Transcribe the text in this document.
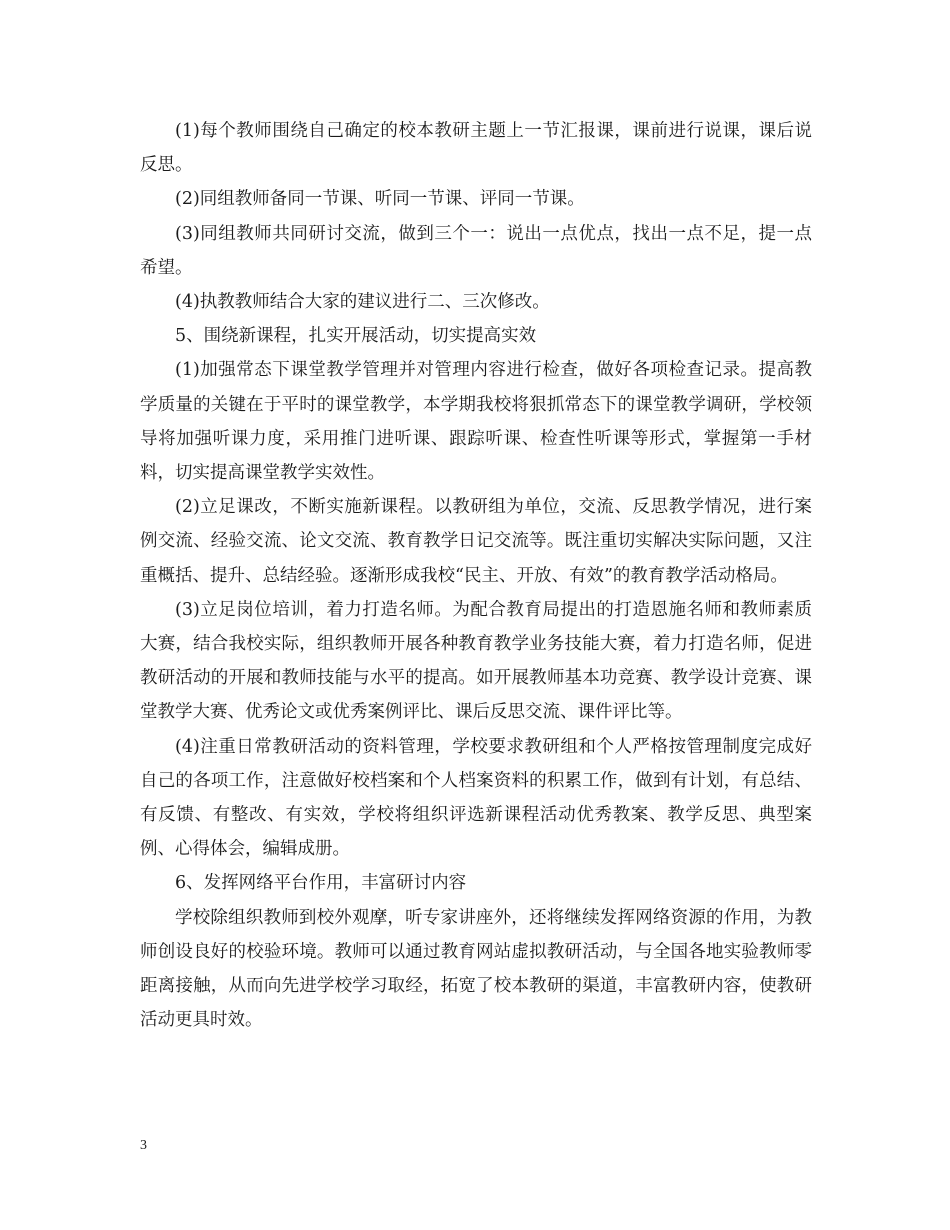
(1)每个教师围绕自己确定的校本教研主题上一节汇报课，课前进行说课，课后说反思。

(2)同组教师备同一节课、听同一节课、评同一节课。

(3)同组教师共同研讨交流，做到三个一：说出一点优点，找出一点不足，提一点希望。

(4)执教教师结合大家的建议进行二、三次修改。

5、围绕新课程，扎实开展活动，切实提高实效

(1)加强常态下课堂教学管理并对管理内容进行检查，做好各项检查记录。提高教学质量的关键在于平时的课堂教学，本学期我校将狠抓常态下的课堂教学调研，学校领导将加强听课力度，采用推门进听课、跟踪听课、检查性听课等形式，掌握第一手材料，切实提高课堂教学实效性。

(2)立足课改，不断实施新课程。以教研组为单位，交流、反思教学情况，进行案例交流、经验交流、论文交流、教育教学日记交流等。既注重切实解决实际问题，又注重概括、提升、总结经验。逐渐形成我校“民主、开放、有效”的教育教学活动格局。

(3)立足岗位培训，着力打造名师。为配合教育局提出的打造恩施名师和教师素质大赛，结合我校实际，组织教师开展各种教育教学业务技能大赛，着力打造名师，促进教研活动的开展和教师技能与水平的提高。如开展教师基本功竞赛、教学设计竞赛、课堂教学大赛、优秀论文或优秀案例评比、课后反思交流、课件评比等。

(4)注重日常教研活动的资料管理，学校要求教研组和个人严格按管理制度完成好自己的各项工作，注意做好校档案和个人档案资料的积累工作，做到有计划，有总结、有反馈、有整改、有实效，学校将组织评选新课程活动优秀教案、教学反思、典型案例、心得体会，编辑成册。

6、发挥网络平台作用，丰富研讨内容

学校除组织教师到校外观摩，听专家讲座外，还将继续发挥网络资源的作用，为教师创设良好的校验环境。教师可以通过教育网站虚拟教研活动，与全国各地实验教师零距离接触，从而向先进学校学习取经，拓宽了校本教研的渠道，丰富教研内容，使教研活动更具时效。

3
